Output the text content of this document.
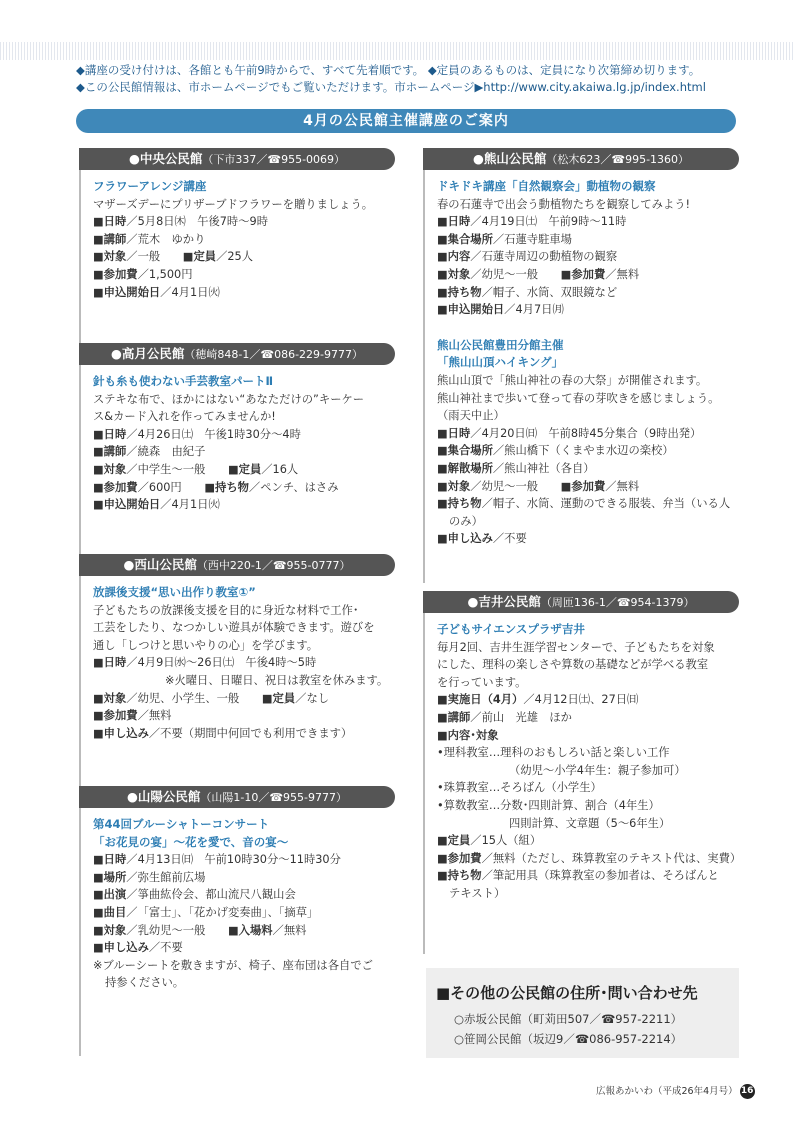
◆講座の受け付けは、各館とも午前9時からで、すべて先着順です。 ◆定員のあるものは、定員になり次第締め切ります。
◆この公民館情報は、市ホームページでもご覧いただけます。市ホームページ▶http://www.city.akaiwa.lg.jp/index.html
4月の公民館主催講座のご案内
●中央公民館（下市337／☎955-0069）
フラワーアレンジ講座
マザーズデーにプリザーブドフラワーを贈りましょう。
■日時／5月8日㈭　午後7時～9時
■講師／荒木　ゆかり
■対象／一般　　■定員／25人
■参加費／1,500円
■申込開始日／4月1日㈫
●高月公民館（穂崎848-1／☎086-229-9777）
針も糸も使わない手芸教室パートⅡ
ステキな布で、ほかにはない“あなただけの”キーケー
ス&カード入れを作ってみませんか!
■日時／4月26日㈯　午後1時30分～4時
■講師／繞森　由紀子
■対象／中学生～一般　　■定員／16人
■参加費／600円　　■持ち物／ペンチ、はさみ
■申込開始日／4月1日㈫
●西山公民館（西中220-1／☎955-0777）
放課後支援“思い出作り教室①”
子どもたちの放課後支援を目的に身近な材料で工作･
工芸をしたり、なつかしい遊具が体験できます。遊びを
通し「しつけと思いやりの心」を学びます。
■日時／4月9日㈬～26日㈯　午後4時～5時
※火曜日、日曜日、祝日は教室を休みます。
■対象／幼児、小学生、一般　　■定員／なし
■参加費／無料
■申し込み／不要（期間中何回でも利用できます）
●山陽公民館（山陽1-10／☎955-9777）
第44回ブルーシャトーコンサート
「お花見の宴」～花を愛で、音の宴～
■日時／4月13日㈰　午前10時30分～11時30分
■場所／弥生館前広場
■出演／箏曲紘伶会、都山流尺八観山会
■曲目／「富士」、「花かげ変奏曲」、「摘草」
■対象／乳幼児～一般　　■入場料／無料
■申し込み／不要
※ブルーシートを敷きますが、椅子、座布団は各自でご
持参ください。
●熊山公民館（松木623／☎995-1360）
ドキドキ講座「自然観察会」動植物の観察
春の石蓮寺で出会う動植物たちを観察してみよう!
■日時／4月19日㈯　午前9時～11時
■集合場所／石蓮寺駐車場
■内容／石蓮寺周辺の動植物の観察
■対象／幼児～一般　　■参加費／無料
■持ち物／帽子、水筒、双眼鏡など
■申込開始日／4月7日㈪
熊山公民館豊田分館主催
「熊山山頂ハイキング」
熊山山頂で「熊山神社の春の大祭」が開催されます。
熊山神社まで歩いて登って春の芽吹きを感じましょう。
（雨天中止）
■日時／4月20日㈰　午前8時45分集合（9時出発）
■集合場所／熊山橋下（くまやま水辺の楽校）
■解散場所／熊山神社（各自）
■対象／幼児～一般　　■参加費／無料
■持ち物／帽子、水筒、運動のできる服装、弁当（いる人
のみ）
■申し込み／不要
●吉井公民館（周匝136-1／☎954-1379）
子どもサイエンスプラザ吉井
毎月2回、吉井生涯学習センターで、子どもたちを対象
にした、理科の楽しさや算数の基礎などが学べる教室
を行っています。
■実施日（4月）／4月12日㈯、27日㈰
■講師／前山　光雄　ほか
■内容･対象
•理科教室…理科のおもしろい話と楽しい工作
（幼児～小学4年生：親子参加可）
•珠算教室…そろばん（小学生）
•算数教室…分数･四則計算、割合（4年生）
四則計算、文章題（5～6年生）
■定員／15人（組）
■参加費／無料（ただし、珠算教室のテキスト代は、実費）
■持ち物／筆記用具（珠算教室の参加者は、そろばんと
テキスト）
■その他の公民館の住所･問い合わせ先
○赤坂公民館（町苅田507／☎957-2211）
○笹岡公民館（坂辺9／☎086-957-2214）
広報あかいわ（平成26年4月号） 16
